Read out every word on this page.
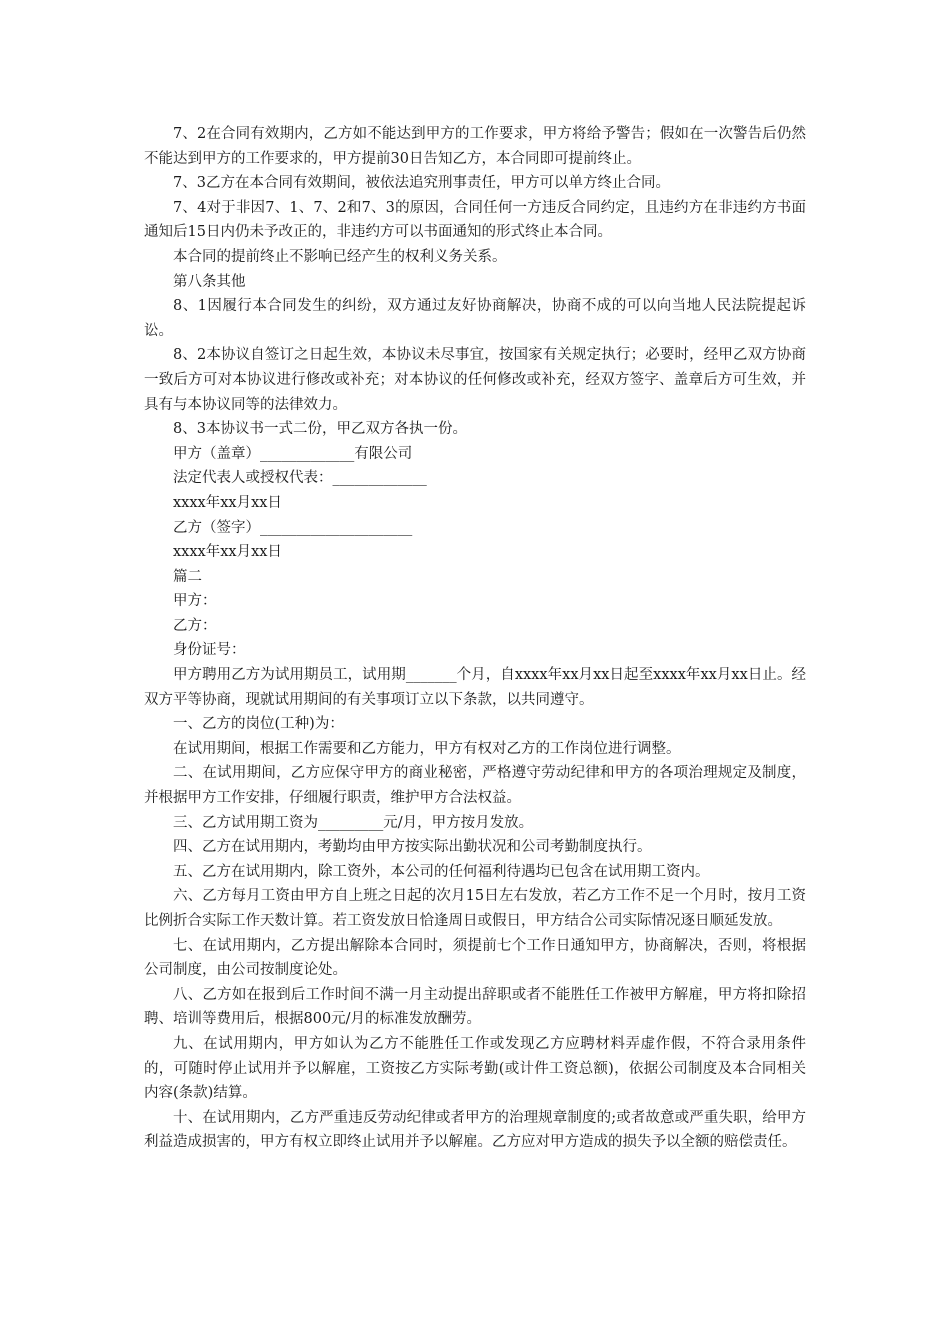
7、2在合同有效期内，乙方如不能达到甲方的工作要求，甲方将给予警告；假如在一次警告后仍然不能达到甲方的工作要求的，甲方提前30日告知乙方，本合同即可提前终止。

7、3乙方在本合同有效期间，被依法追究刑事责任，甲方可以单方终止合同。

7、4对于非因7、1、7、2和7、3的原因，合同任何一方违反合同约定，且违约方在非违约方书面通知后15日内仍未予改正的，非违约方可以书面通知的形式终止本合同。

本合同的提前终止不影响已经产生的权利义务关系。

第八条其他

8、1因履行本合同发生的纠纷，双方通过友好协商解决，协商不成的可以向当地人民法院提起诉讼。

8、2本协议自签订之日起生效，本协议未尽事宜，按国家有关规定执行；必要时，经甲乙双方协商一致后方可对本协议进行修改或补充；对本协议的任何修改或补充，经双方签字、盖章后方可生效，并具有与本协议同等的法律效力。

8、3本协议书一式二份，甲乙双方各执一份。

甲方（盖章）_____________有限公司

法定代表人或授权代表：_____________

xxxx年xx月xx日

乙方（签字）_____________________

xxxx年xx月xx日

篇二

甲方：

乙方：

身份证号：

甲方聘用乙方为试用期员工，试用期_______个月，自xxxx年xx月xx日起至xxxx年xx月xx日止。经双方平等协商，现就试用期间的有关事项订立以下条款，以共同遵守。

一、乙方的岗位(工种)为：

在试用期间，根据工作需要和乙方能力，甲方有权对乙方的工作岗位进行调整。

二、在试用期间，乙方应保守甲方的商业秘密，严格遵守劳动纪律和甲方的各项治理规定及制度，并根据甲方工作安排，仔细履行职责，维护甲方合法权益。

三、乙方试用期工资为_________元/月，甲方按月发放。

四、乙方在试用期内，考勤均由甲方按实际出勤状况和公司考勤制度执行。

五、乙方在试用期内，除工资外，本公司的任何福利待遇均已包含在试用期工资内。

六、乙方每月工资由甲方自上班之日起的次月15日左右发放，若乙方工作不足一个月时，按月工资比例折合实际工作天数计算。若工资发放日恰逢周日或假日，甲方结合公司实际情况逐日顺延发放。

七、在试用期内，乙方提出解除本合同时，须提前七个工作日通知甲方，协商解决，否则，将根据公司制度，由公司按制度论处。

八、乙方如在报到后工作时间不满一月主动提出辞职或者不能胜任工作被甲方解雇，甲方将扣除招聘、培训等费用后，根据800元/月的标准发放酬劳。

九、在试用期内，甲方如认为乙方不能胜任工作或发现乙方应聘材料弄虚作假，不符合录用条件的，可随时停止试用并予以解雇，工资按乙方实际考勤(或计件工资总额)，依据公司制度及本合同相关内容(条款)结算。

十、在试用期内，乙方严重违反劳动纪律或者甲方的治理规章制度的;或者故意或严重失职，给甲方利益造成损害的，甲方有权立即终止试用并予以解雇。乙方应对甲方造成的损失予以全额的赔偿责任。
